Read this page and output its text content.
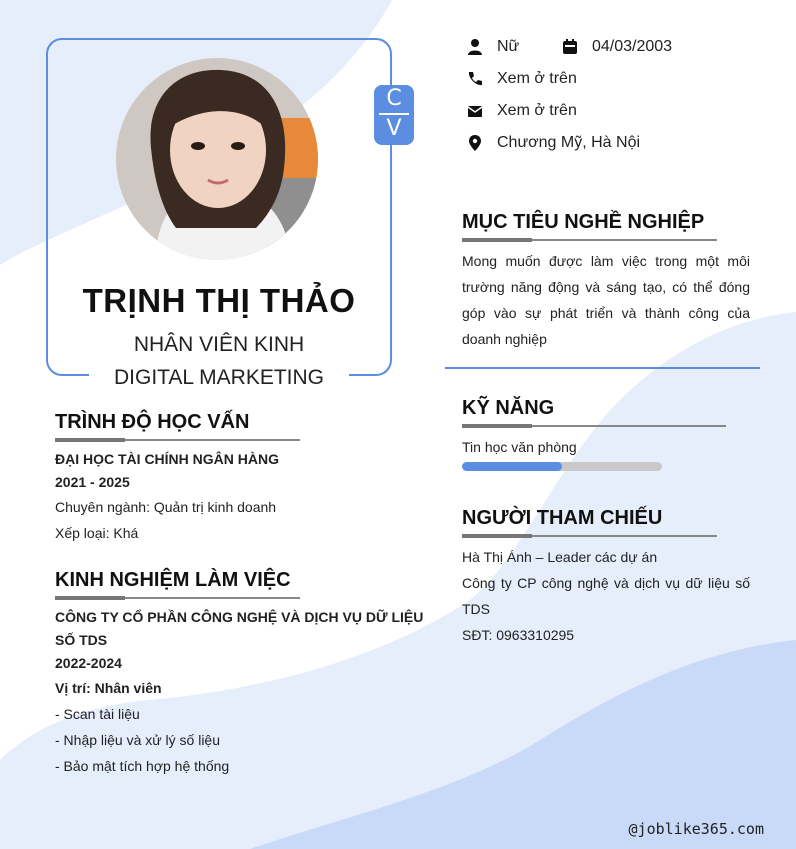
C
V
TRỊNH THỊ THẢO
NHÂN VIÊN KINH
DIGITAL MARKETING
Nữ	04/03/2003
Xem ở trên
Xem ở trên
Chương Mỹ, Hà Nội
MỤC TIÊU NGHỀ NGHIỆP
Mong muốn được làm việc trong một môi trường năng động và sáng tạo, có thể đóng góp vào sự phát triển và thành công của doanh nghiệp
KỸ NĂNG
Tin học văn phòng
NGƯỜI THAM CHIẾU
Hà Thị Ánh – Leader các dự án
Công ty CP công nghệ và dịch vụ dữ liệu số TDS
SĐT: 0963310295
TRÌNH ĐỘ HỌC VẤN
ĐẠI HỌC TÀI CHÍNH NGÂN HÀNG
2021 - 2025
Chuyên ngành: Quản trị kinh doanh
Xếp loại: Khá
KINH NGHIỆM LÀM VIỆC
CÔNG TY CỔ PHẦN CÔNG NGHỆ VÀ DỊCH VỤ DỮ LIỆU
SỐ TDS
2022-2024
Vị trí: Nhân viên
- Scan tài liệu
- Nhập liệu và xử lý số liệu
- Bảo mật tích hợp hệ thống
@joblike365.com
